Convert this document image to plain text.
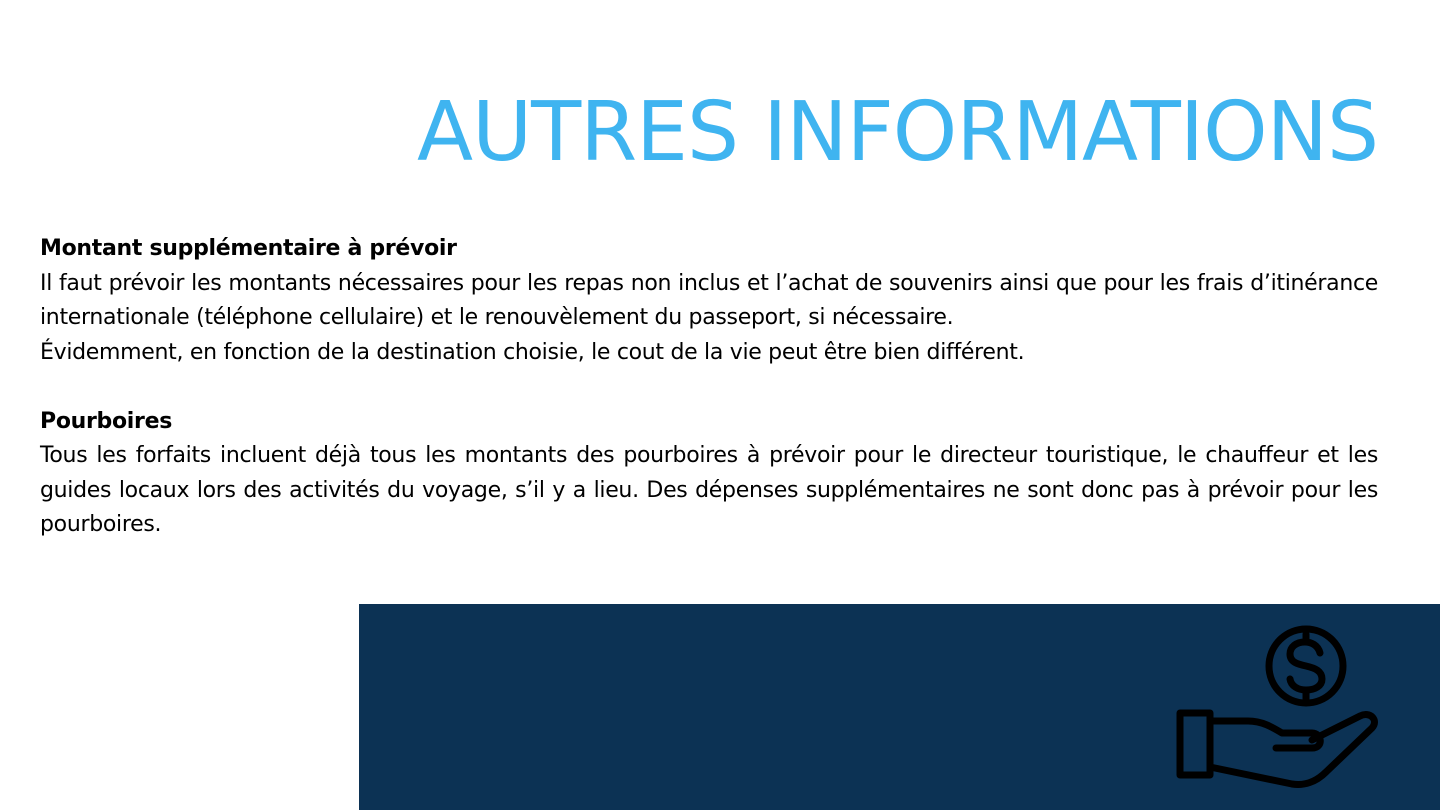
AUTRES INFORMATIONS

Montant supplémentaire à prévoir

Il faut prévoir les montants nécessaires pour les repas non inclus et l’achat de souvenirs ainsi que pour les frais d’itinérance internationale (téléphone cellulaire) et le renouvèlement du passeport, si nécessaire.

Évidemment, en fonction de la destination choisie, le cout de la vie peut être bien différent.

Pourboires

Tous les forfaits incluent déjà tous les montants des pourboires à prévoir pour le directeur touristique, le chauffeur et les guides locaux lors des activités du voyage, s’il y a lieu. Des dépenses supplémentaires ne sont donc pas à prévoir pour les pourboires.
